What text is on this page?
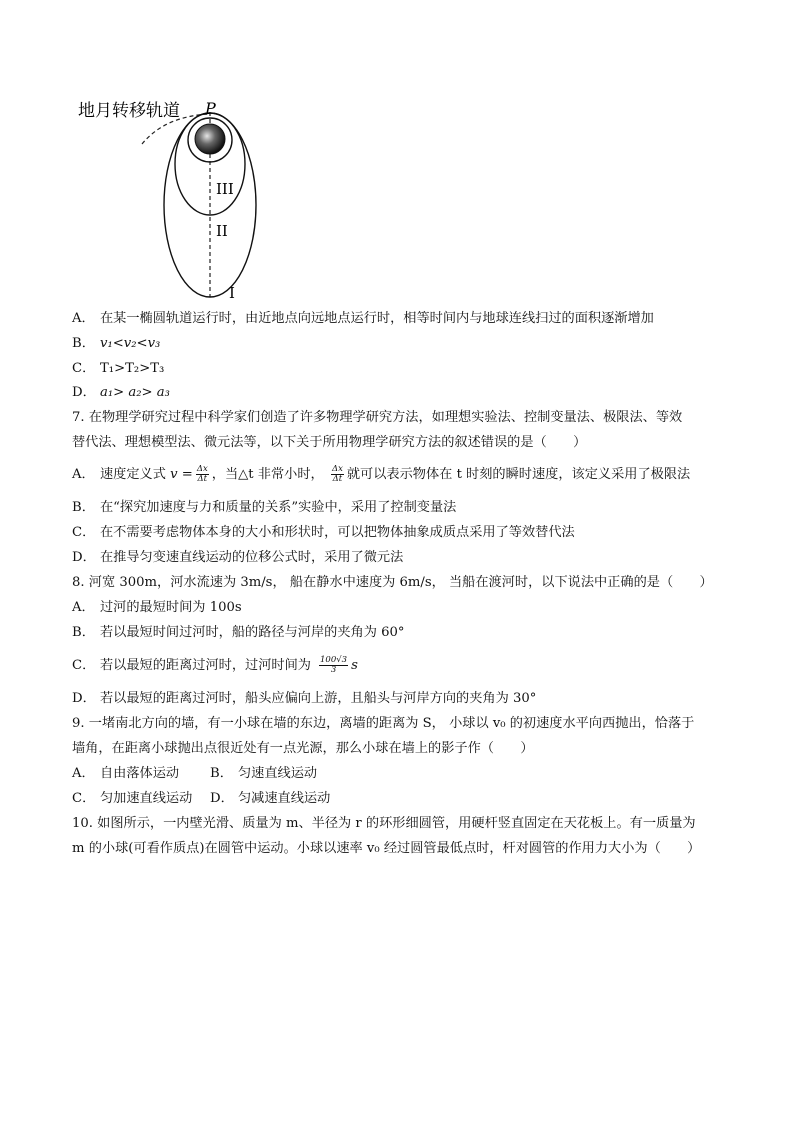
地月转移轨道 P
III
II
I
A． 在某一椭圆轨道运行时，由近地点向远地点运行时，相等时间内与地球连线扫过的面积逐渐增加
B． v₁<v₂<v₃
C． T₁>T₂>T₃
D． a₁> a₂> a₃
7. 在物理学研究过程中科学家们创造了许多物理学研究方法，如理想实验法、控制变量法、极限法、等效
替代法、理想模型法、微元法等，以下关于所用物理学研究方法的叙述错误的是（　　）
A． 速度定义式 $v = \frac{\Delta x}{\Delta t}$ ，当△t 非常小时， $\frac{\Delta x}{\Delta t}$ 就可以表示物体在 t 时刻的瞬时速度，该定义采用了极限法
B． 在“探究加速度与力和质量的关系”实验中，采用了控制变量法
C． 在不需要考虑物体本身的大小和形状时，可以把物体抽象成质点采用了等效替代法
D． 在推导匀变速直线运动的位移公式时，采用了微元法
8. 河宽 300m，河水流速为 3m/s， 船在静水中速度为 6m/s， 当船在渡河时，以下说法中正确的是（　　）
A． 过河的最短时间为 100s
B． 若以最短时间过河时，船的路径与河岸的夹角为 60°
C． 若以最短的距离过河时，过河时间为 $\frac{100√3}{3}$ s
D． 若以最短的距离过河时，船头应偏向上游，且船头与河岸方向的夹角为 30°
9. 一堵南北方向的墙，有一小球在墙的东边，离墙的距离为 S， 小球以 v₀ 的初速度水平向西抛出，恰落于
墙角，在距离小球抛出点很近处有一点光源，那么小球在墙上的影子作（　　）
A． 自由落体运动 B． 匀速直线运动
C． 匀加速直线运动 D． 匀减速直线运动
10. 如图所示，一内壁光滑、质量为 m、半径为 r 的环形细圆管，用硬杆竖直固定在天花板上。有一质量为
m 的小球(可看作质点)在圆管中运动。小球以速率 v₀ 经过圆管最低点时，杆对圆管的作用力大小为（　　）
